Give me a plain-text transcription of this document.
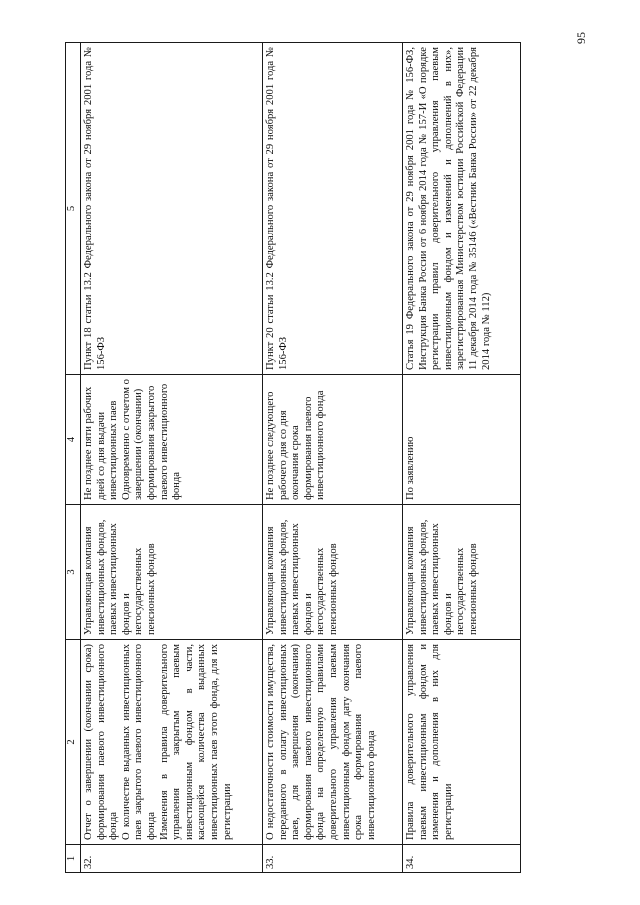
95
1	2	3	4	5
32.	Отчет о завершении (окончании срока) формирования паевого инвестиционного фонда О количестве выданных инвестиционных паев закрытого паевого инвестиционного фонда Изменения в правила доверительного управления закрытым паевым инвестиционным фондом в части, касающейся количества выданных инвестиционных паев этого фонда, для их регистрации	Управляющая компания инвестиционных фондов, паевых инвестиционных фондов и негосударственных пенсионных фондов	Не позднее пяти рабочих дней со дня выдачи инвестиционных паев Одновременно с отчетом о завершении (окончании) формирования закрытого паевого инвестиционного фонда	Пункт 18 статьи 13.2 Федерального закона от 29 ноября 2001 года № 156-ФЗ
33.	О недостаточности стоимости имущества, переданного в оплату инвестиционных паев, для завершения (окончания) формирования паевого инвестиционного фонда на определенную правилами доверительного управления паевым инвестиционным фондом дату окончания срока формирования паевого инвестиционного фонда	Управляющая компания инвестиционных фондов, паевых инвестиционных фондов и негосударственных пенсионных фондов	Не позднее следующего рабочего дня со дня окончания срока формирования паевого инвестиционного фонда	Пункт 20 статьи 13.2 Федерального закона от 29 ноября 2001 года № 156-ФЗ
34.	Правила доверительного управления паевым инвестиционным фондом и изменения и дополнения в них для регистрации	Управляющая компания инвестиционных фондов, паевых инвестиционных фондов и негосударственных пенсионных фондов	По заявлению	Статья 19 Федерального закона от 29 ноября 2001 года № 156-ФЗ, Инструкция Банка России от 6 ноября 2014 года № 157-И «О порядке регистрации правил доверительного управления паевым инвестиционным фондом и изменений и дополнений в них», зарегистрированная Министерством юстиции Российской Федерации 11 декабря 2014 года № 35146 («Вестник Банка России» от 22 декабря 2014 года № 112)
